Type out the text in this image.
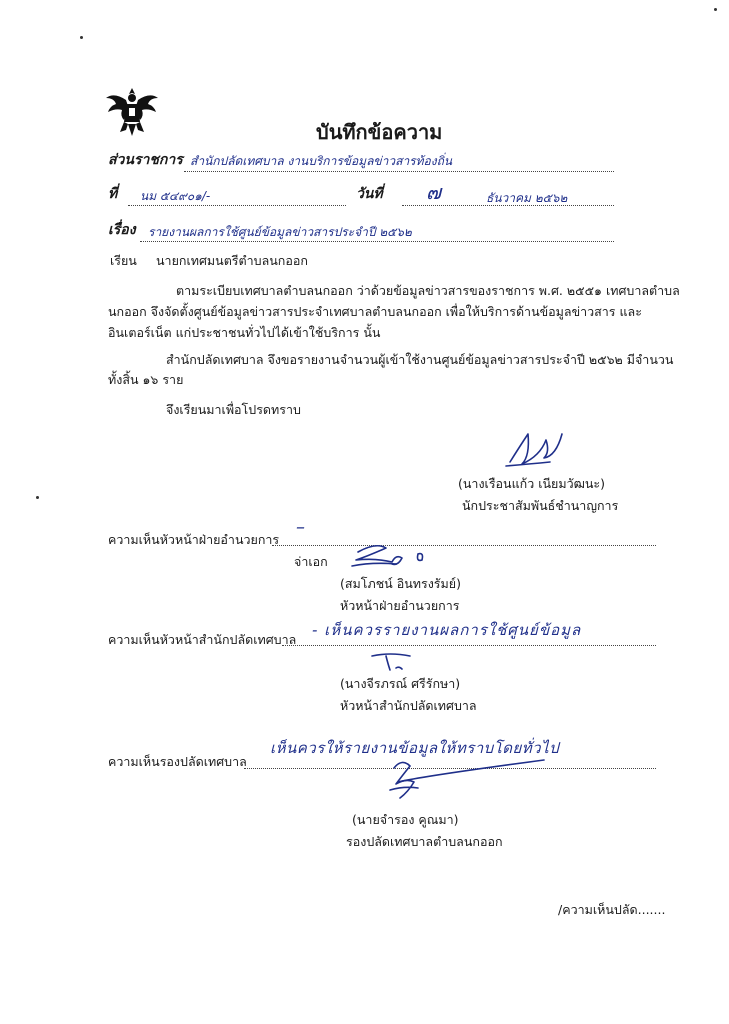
บันทึกข้อความ
ส่วนราชการ สำนักปลัดเทศบาล งานบริการข้อมูลข่าวสารท้องถิ่น
ที่ นม ๕๔๙๐๑/-	วันที่ ๗	ธันวาคม ๒๕๖๒
เรื่อง รายงานผลการใช้ศูนย์ข้อมูลข่าวสารประจำปี ๒๕๖๒
เรียน นายกเทศมนตรีตำบลนกออก
ตามระเบียบเทศบาลตำบลนกออก ว่าด้วยข้อมูลข่าวสารของราชการ พ.ศ. ๒๕๕๑ เทศบาลตำบล
นกออก จึงจัดตั้งศูนย์ข้อมูลข่าวสารประจำเทศบาลตำบลนกออก เพื่อให้บริการด้านข้อมูลข่าวสาร และ
อินเตอร์เน็ต แก่ประชาชนทั่วไปได้เข้าใช้บริการ นั้น
สำนักปลัดเทศบาล จึงขอรายงานจำนวนผู้เข้าใช้งานศูนย์ข้อมูลข่าวสารประจำปี ๒๕๖๒ มีจำนวน
ทั้งสิ้น ๑๖ ราย
จึงเรียนมาเพื่อโปรดทราบ
(นางเรือนแก้ว เนียมวัฒนะ)
นักประชาสัมพันธ์ชำนาญการ
ความเห็นหัวหน้าฝ่ายอำนวยการ
–
จ่าเอก
(สมโภชน์ อินทรงรัมย์)
หัวหน้าฝ่ายอำนวยการ
ความเห็นหัวหน้าสำนักปลัดเทศบาล
- เห็นควรรายงานผลการใช้ศูนย์ข้อมูล
(นางจีรภรณ์ ศรีรักษา)
หัวหน้าสำนักปลัดเทศบาล
ความเห็นรองปลัดเทศบาล
เห็นควรให้รายงานข้อมูลให้ทราบโดยทั่วไป
(นายจำรอง คูณมา)
รองปลัดเทศบาลตำบลนกออก
/ความเห็นปลัด.......
